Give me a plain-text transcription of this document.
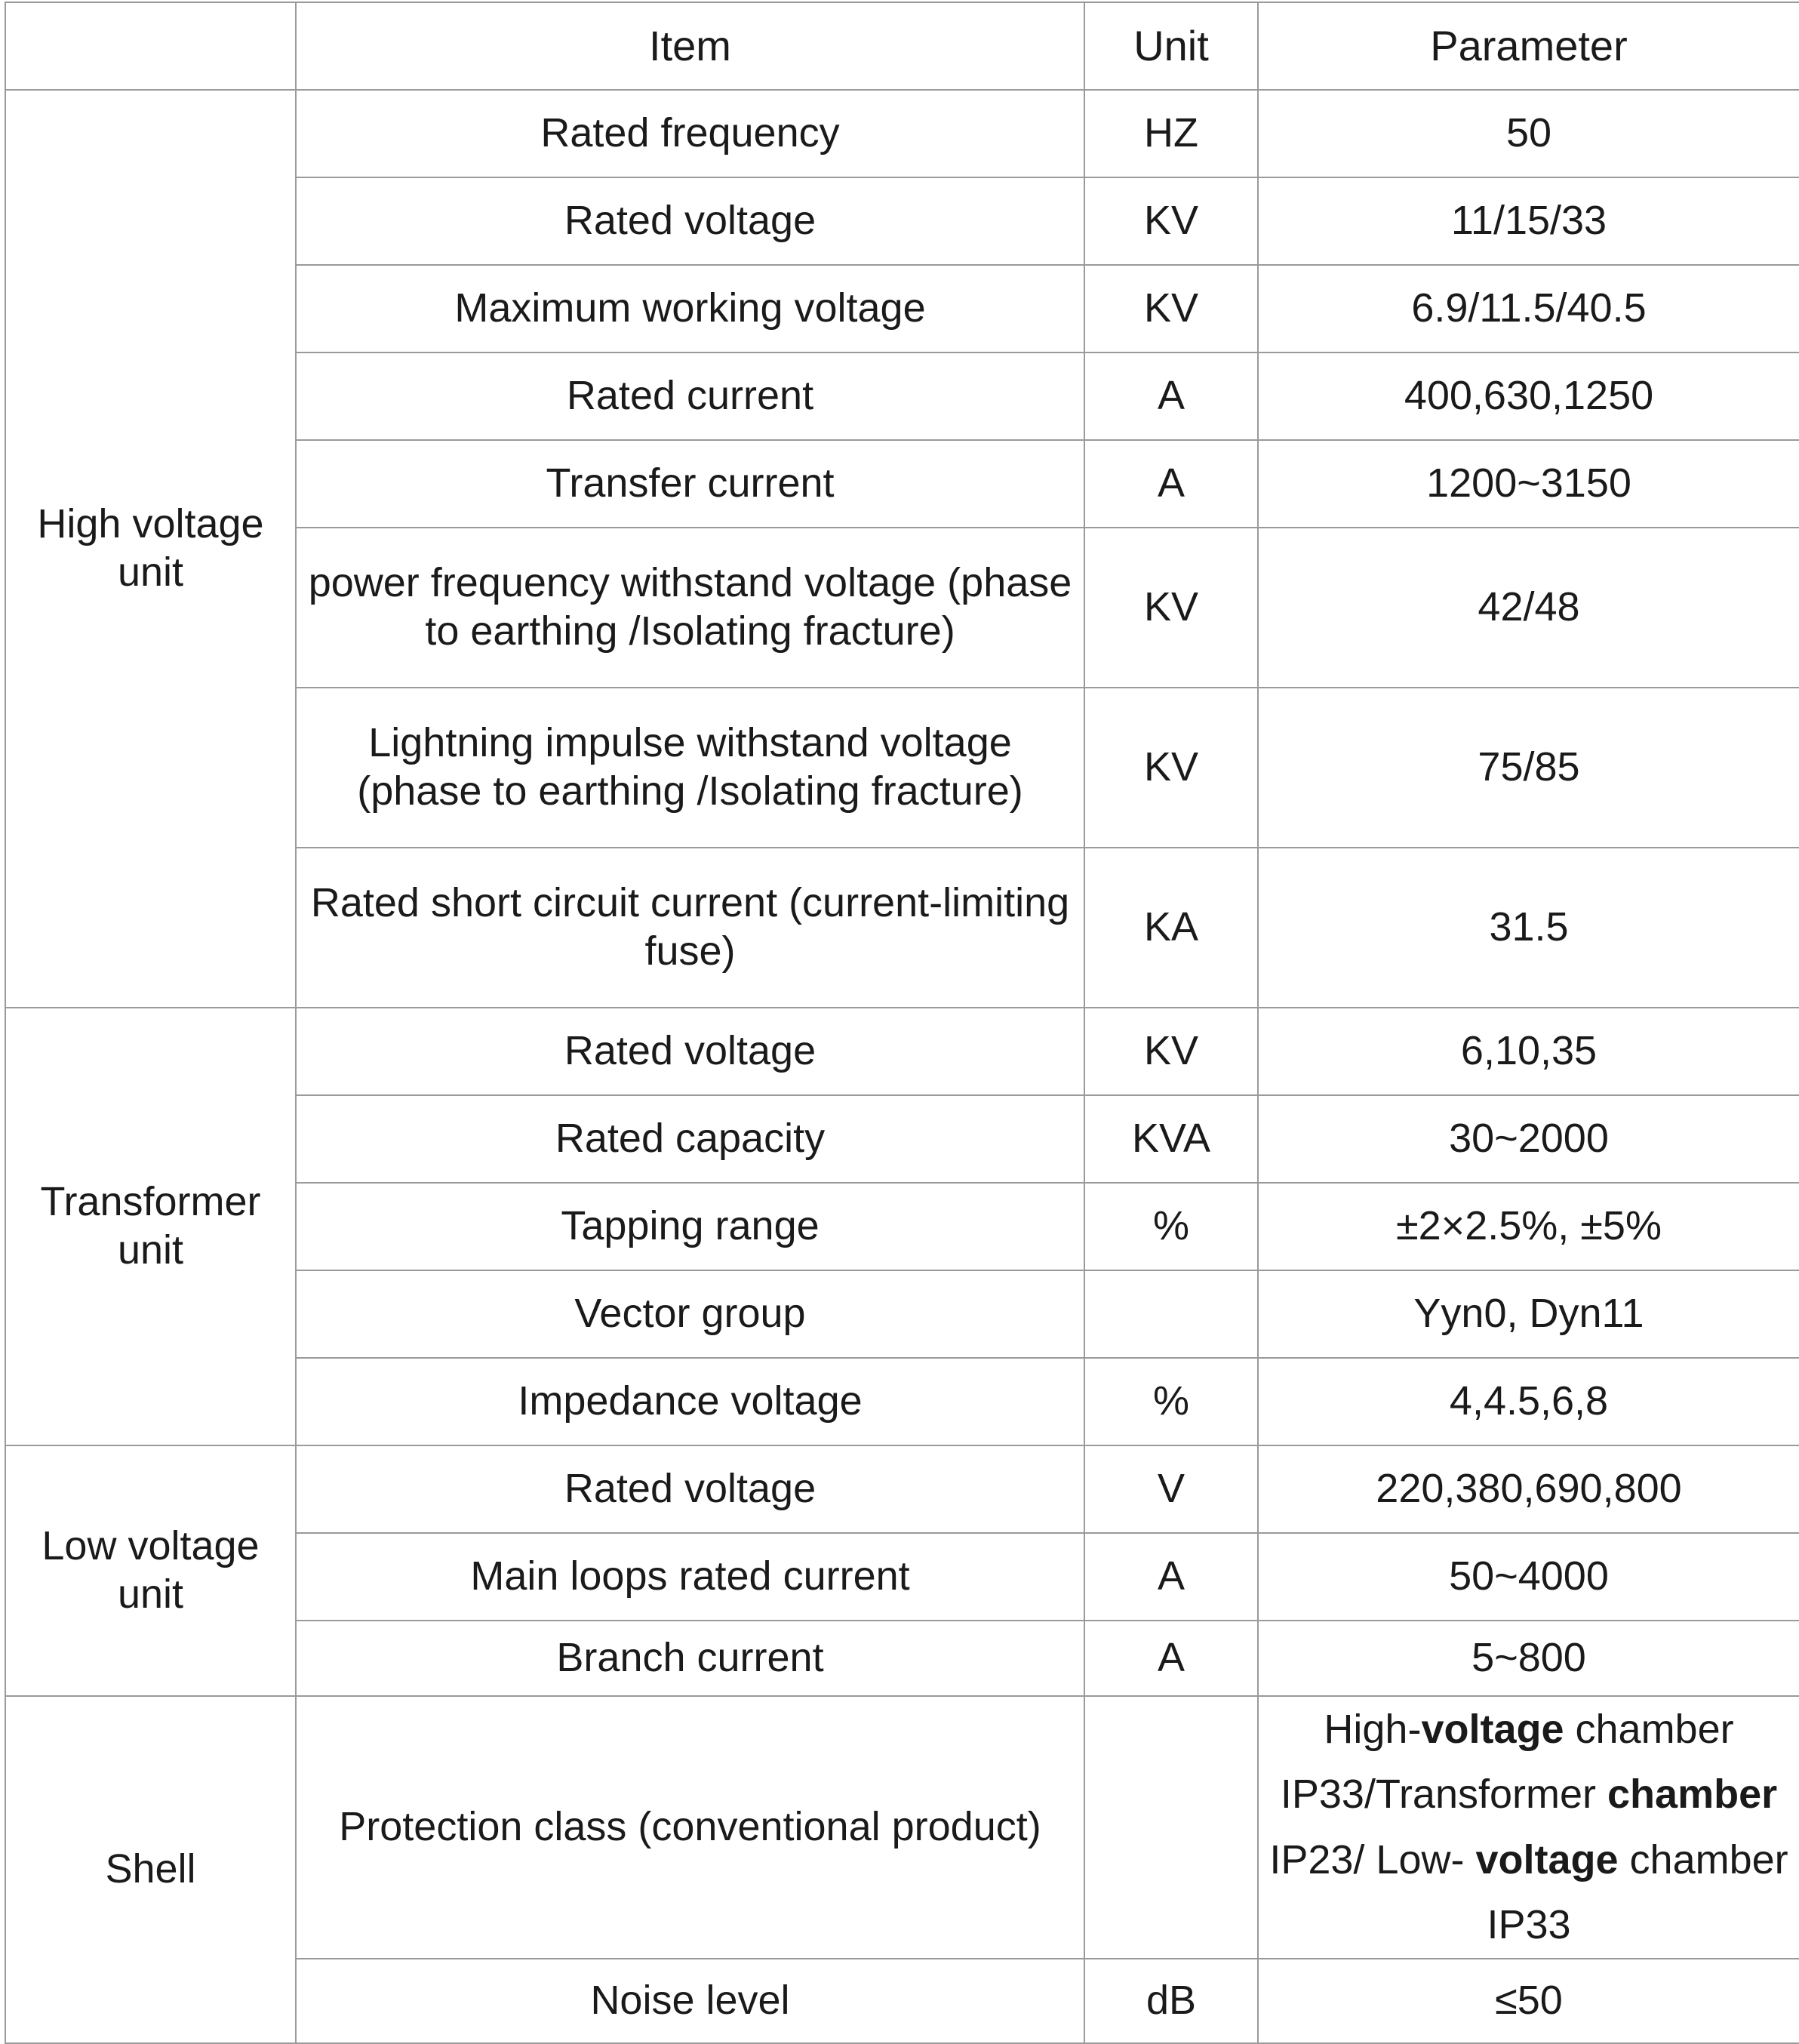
	Item	Unit	Parameter
High voltage unit	Rated frequency	HZ	50
	Rated voltage	KV	11/15/33
	Maximum working voltage	KV	6.9/11.5/40.5
	Rated current	A	400,630,1250
	Transfer current	A	1200~3150
	power frequency withstand voltage (phase to earthing /Isolating fracture)	KV	42/48
	Lightning impulse withstand voltage (phase to earthing /Isolating fracture)	KV	75/85
	Rated short circuit current (current-limiting fuse)	KA	31.5
Transformer unit	Rated voltage	KV	6,10,35
	Rated capacity	KVA	30~2000
	Tapping range	%	±2×2.5%, ±5%
	Vector group		Yyn0, Dyn11
	Impedance voltage	%	4,4.5,6,8
Low voltage unit	Rated voltage	V	220,380,690,800
	Main loops rated current	A	50~4000
	Branch current	A	5~800
Shell	Protection class (conventional product)		High-voltage chamber IP33/Transformer chamber IP23/ Low- voltage chamber IP33
	Noise level	dB	≤50
